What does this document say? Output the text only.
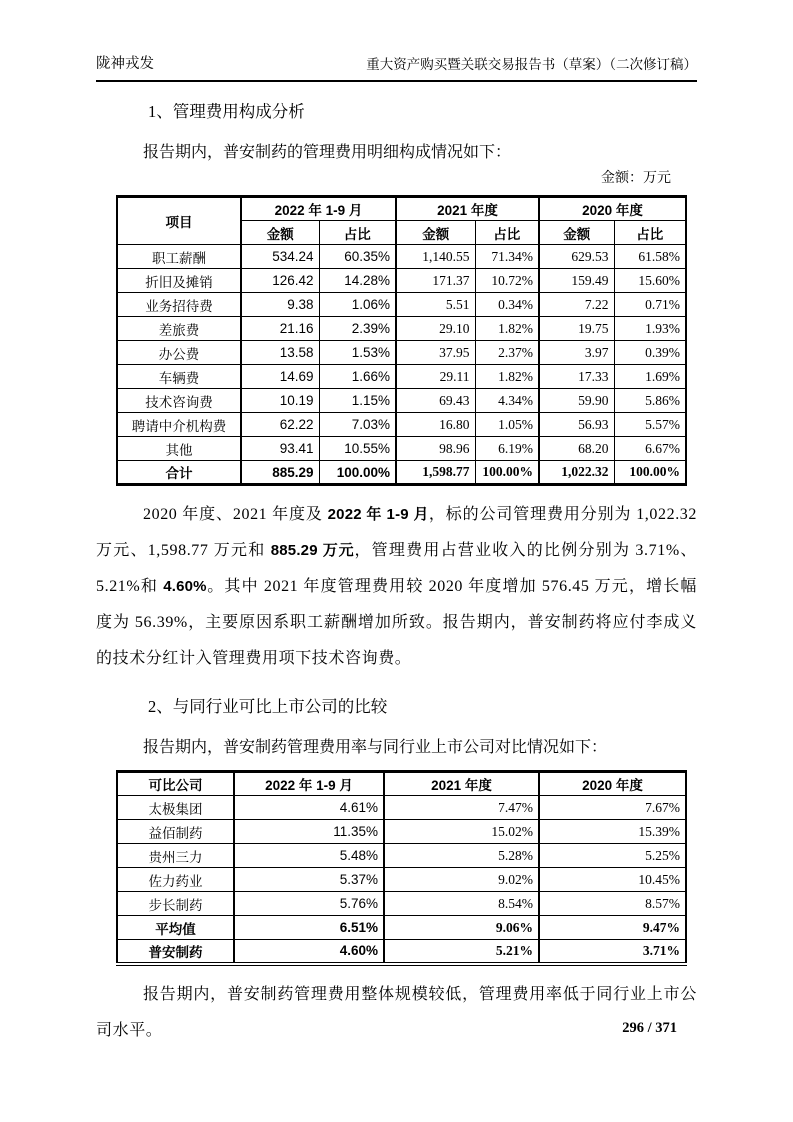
陇神戎发	重大资产购买暨关联交易报告书（草案）（二次修订稿）

1、管理费用构成分析

报告期内，普安制药的管理费用明细构成情况如下：

金额：万元

项目	2022 年 1-9 月		2021 年度		2020 年度	
	金额	占比	金额	占比	金额	占比
职工薪酬	534.24	60.35%	1,140.55	71.34%	629.53	61.58%
折旧及摊销	126.42	14.28%	171.37	10.72%	159.49	15.60%
业务招待费	9.38	1.06%	5.51	0.34%	7.22	0.71%
差旅费	21.16	2.39%	29.10	1.82%	19.75	1.93%
办公费	13.58	1.53%	37.95	2.37%	3.97	0.39%
车辆费	14.69	1.66%	29.11	1.82%	17.33	1.69%
技术咨询费	10.19	1.15%	69.43	4.34%	59.90	5.86%
聘请中介机构费	62.22	7.03%	16.80	1.05%	56.93	5.57%
其他	93.41	10.55%	98.96	6.19%	68.20	6.67%
合计	885.29	100.00%	1,598.77	100.00%	1,022.32	100.00%

2020 年度、2021 年度及 2022 年 1-9 月，标的公司管理费用分别为 1,022.32 万元、1,598.77 万元和 885.29 万元，管理费用占营业收入的比例分别为 3.71%、5.21%和 4.60%。其中 2021 年度管理费用较 2020 年度增加 576.45 万元，增长幅度为 56.39%，主要原因系职工薪酬增加所致。报告期内，普安制药将应付李成义的技术分红计入管理费用项下技术咨询费。

2、与同行业可比上市公司的比较

报告期内，普安制药管理费用率与同行业上市公司对比情况如下：

可比公司	2022 年 1-9 月	2021 年度	2020 年度
太极集团	4.61%	7.47%	7.67%
益佰制药	11.35%	15.02%	15.39%
贵州三力	5.48%	5.28%	5.25%
佐力药业	5.37%	9.02%	10.45%
步长制药	5.76%	8.54%	8.57%
平均值	6.51%	9.06%	9.47%
普安制药	4.60%	5.21%	3.71%

报告期内，普安制药管理费用整体规模较低，管理费用率低于同行业上市公司水平。	296 / 371
